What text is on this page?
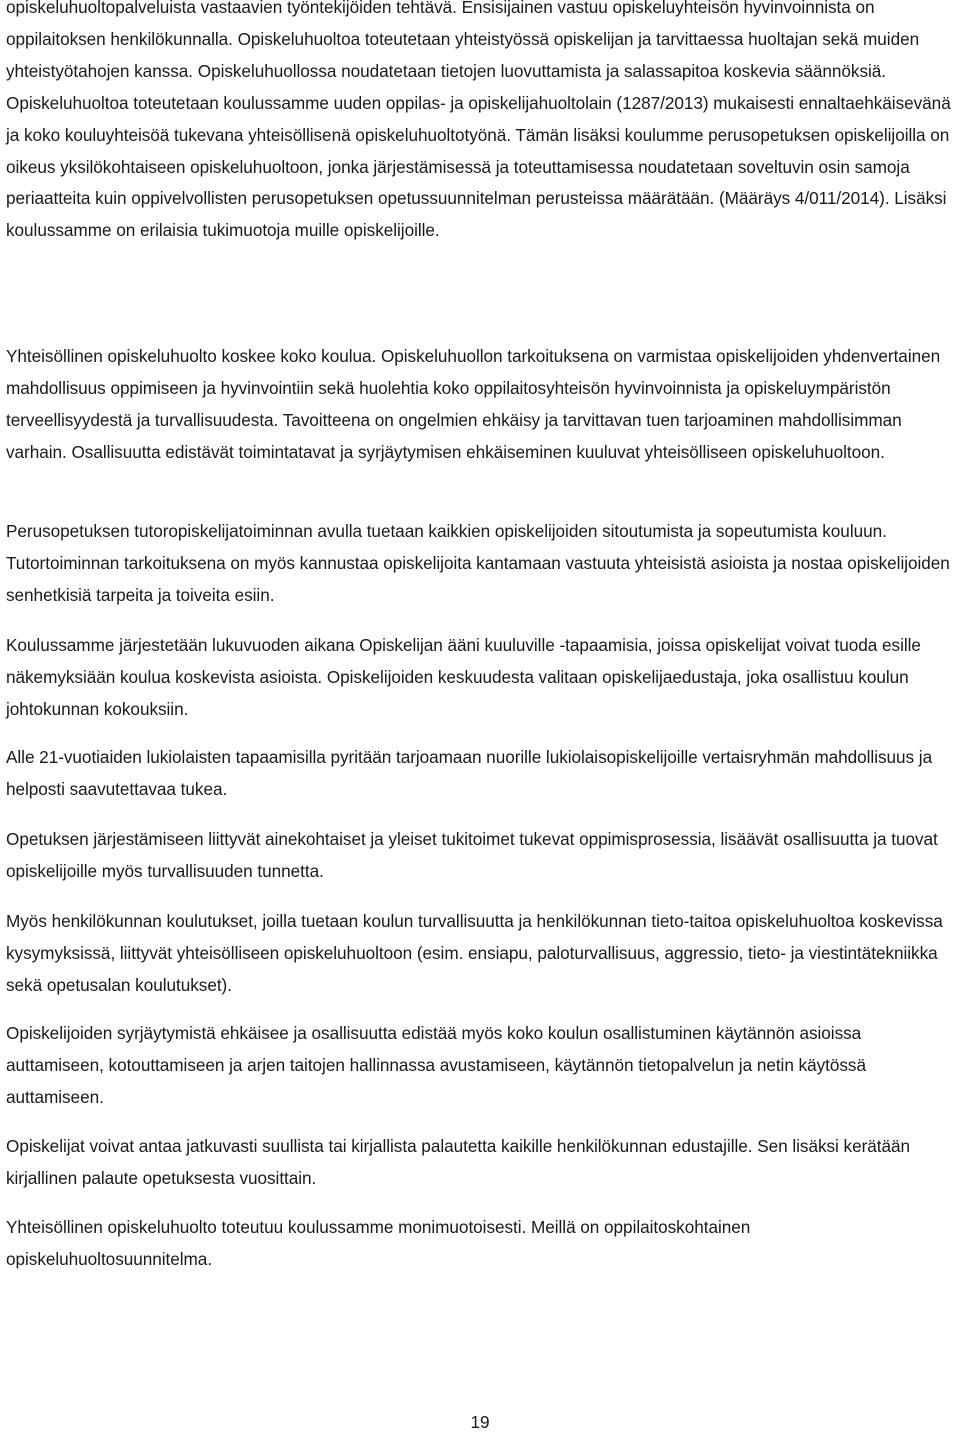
opiskeluhuoltopalveluista vastaavien työntekijöiden tehtävä. Ensisijainen vastuu opiskeluyhteisön hyvinvoinnista on oppilaitoksen henkilökunnalla. Opiskeluhuoltoa toteutetaan yhteistyössä opiskelijan ja tarvittaessa huoltajan sekä muiden yhteistyötahojen kanssa. Opiskeluhuollossa noudatetaan tietojen luovuttamista ja salassapitoa koskevia säännöksiä. Opiskeluhuoltoa toteutetaan koulussamme uuden oppilas- ja opiskelijahuoltolain (1287/2013) mukaisesti ennaltaehkäisevänä ja koko kouluyhteisöä tukevana yhteisöllisenä opiskeluhuoltotyönä. Tämän lisäksi koulumme perusopetuksen opiskelijoilla on oikeus yksilökohtaiseen opiskeluhuoltoon, jonka järjestämisessä ja toteuttamisessa noudatetaan soveltuvin osin samoja periaatteita kuin oppivelvollisten perusopetuksen opetussuunnitelman perusteissa määrätään. (Määräys 4/011/2014). Lisäksi koulussamme on erilaisia tukimuotoja muille opiskelijoille.

Yhteisöllinen opiskeluhuolto koskee koko koulua. Opiskeluhuollon tarkoituksena on varmistaa opiskelijoiden yhdenvertainen mahdollisuus oppimiseen ja hyvinvointiin sekä huolehtia koko oppilaitosyhteisön hyvinvoinnista ja opiskeluympäristön terveellisyydestä ja turvallisuudesta. Tavoitteena on ongelmien ehkäisy ja tarvittavan tuen tarjoaminen mahdollisimman varhain. Osallisuutta edistävät toimintatavat ja syrjäytymisen ehkäiseminen kuuluvat yhteisölliseen opiskeluhuoltoon.

Perusopetuksen tutoropiskelijatoiminnan avulla tuetaan kaikkien opiskelijoiden sitoutumista ja sopeutumista kouluun. Tutortoiminnan tarkoituksena on myös kannustaa opiskelijoita kantamaan vastuuta yhteisistä asioista ja nostaa opiskelijoiden senhetkisiä tarpeita ja toiveita esiin.

Koulussamme järjestetään lukuvuoden aikana Opiskelijan ääni kuuluville -tapaamisia, joissa opiskelijat voivat tuoda esille näkemyksiään koulua koskevista asioista. Opiskelijoiden keskuudesta valitaan opiskelijaedustaja, joka osallistuu koulun johtokunnan kokouksiin.

Alle 21-vuotiaiden lukiolaisten tapaamisilla pyritään tarjoamaan nuorille lukiolaisopiskelijoille vertaisryhmän mahdollisuus ja helposti saavutettavaa tukea.

Opetuksen järjestämiseen liittyvät ainekohtaiset ja yleiset tukitoimet tukevat oppimisprosessia, lisäävät osallisuutta ja tuovat opiskelijoille myös turvallisuuden tunnetta.

Myös henkilökunnan koulutukset, joilla tuetaan koulun turvallisuutta ja henkilökunnan tieto-taitoa opiskeluhuoltoa koskevissa kysymyksissä, liittyvät yhteisölliseen opiskeluhuoltoon (esim. ensiapu, paloturvallisuus, aggressio, tieto- ja viestintätekniikka sekä opetusalan koulutukset).

Opiskelijoiden syrjäytymistä ehkäisee ja osallisuutta edistää myös koko koulun osallistuminen käytännön asioissa auttamiseen, kotouttamiseen ja arjen taitojen hallinnassa avustamiseen, käytännön tietopalvelun ja netin käytössä auttamiseen.

Opiskelijat voivat antaa jatkuvasti suullista tai kirjallista palautetta kaikille henkilökunnan edustajille. Sen lisäksi kerätään kirjallinen palaute opetuksesta vuosittain.

Yhteisöllinen opiskeluhuolto toteutuu koulussamme monimuotoisesti. Meillä on oppilaitoskohtainen opiskeluhuoltosuunnitelma.

19
